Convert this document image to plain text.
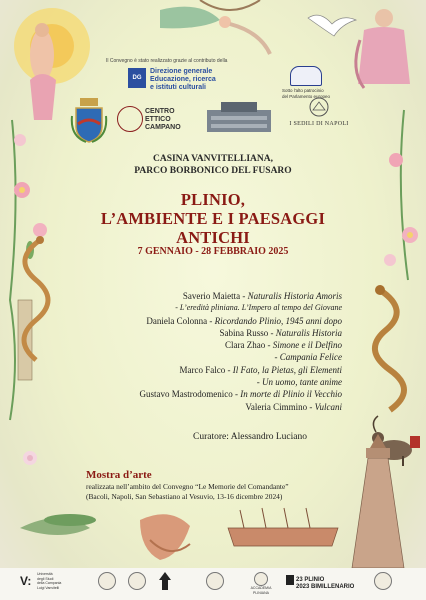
Il Convegno è stato realizzato grazie al contributo della

DG
Direzione generale
Educazione, ricerca
e istituti culturali	Sotto l'alto patrocinio
del Parlamento europeo
CENTRO
ETTICO
CAMPANO	I SEDILI DI NAPOLI
CASINA VANVITELLIANA,
PARCO BORBONICO DEL FUSARO
PLINIO,
L’AMBIENTE E I PAESAGGI ANTICHI

7 GENNAIO - 28 FEBBRAIO 2025

Saverio Maietta - Naturalis Historia Amoris
- L’eredità pliniana. L’Impero al tempo del Giovane
Daniela Colonna - Ricordando Plinio, 1945 anni dopo
Sabina Russo - Naturalis Historia
Clara Zhao - Simone e il Delfino
- Campania Felice
Marco Falco - Il Fato, la Pietas, gli Elementi
- Un uomo, tante anime
Gustavo Mastrodomenico - In morte di Plinio il Vecchio
Valeria Cimmino - Vulcani

Curatore: Alessandro Luciano

Mostra d’arte

realizzata nell’ambito del Convegno “Le Memorie del Comandante”
(Bacoli, Napoli, San Sebastiano al Vesuvio, 13-16 dicembre 2024)

V: Università
degli Studi
della Campania
Luigi Vanvitelli	ACCADEMIA
PLINIANA
23 PLINIO
2023 BIMILLENARIO
